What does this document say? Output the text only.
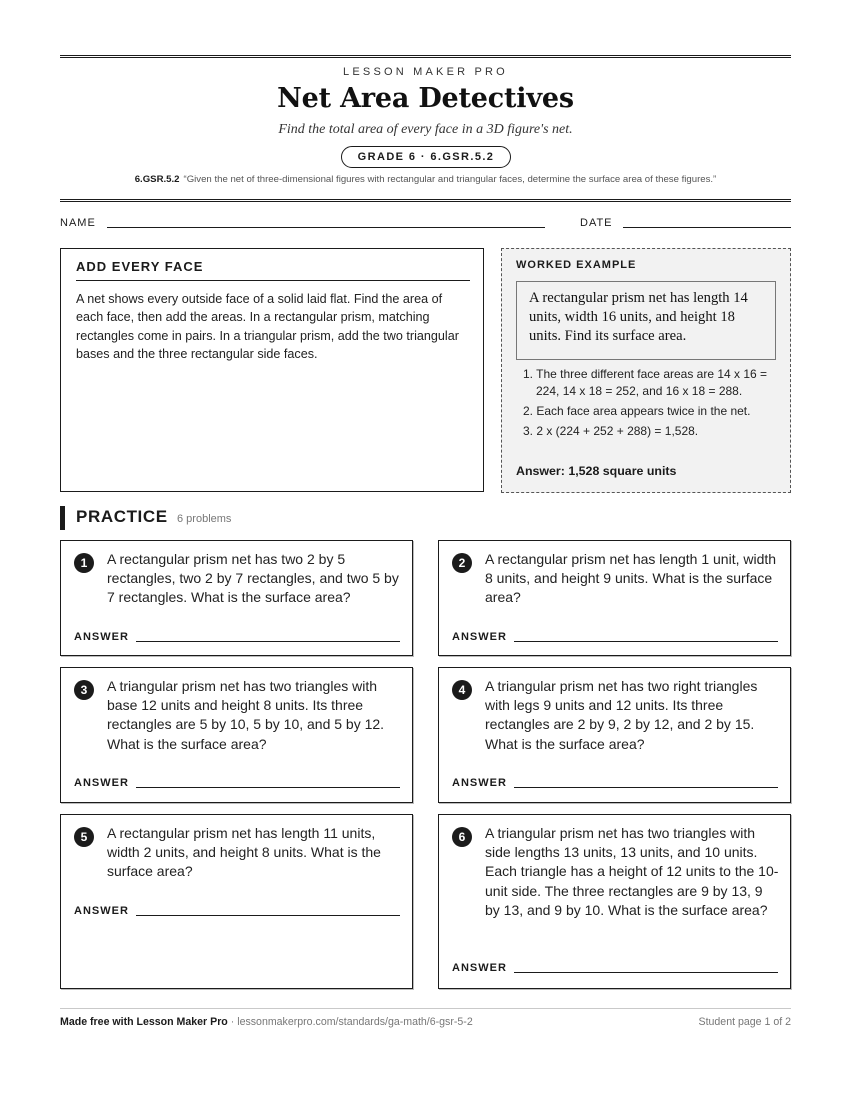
LESSON MAKER PRO
Net Area Detectives
Find the total area of every face in a 3D figure's net.
GRADE 6 · 6.GSR.5.2
6.GSR.5.2 “Given the net of three-dimensional figures with rectangular and triangular faces, determine the surface area of these figures.”
NAME	DATE
ADD EVERY FACE
A net shows every outside face of a solid laid flat. Find the area of each face, then add the areas. In a rectangular prism, matching rectangles come in pairs. In a triangular prism, add the two triangular bases and the three rectangular side faces.
WORKED EXAMPLE
A rectangular prism net has length 14 units, width 16 units, and height 18 units. Find its surface area.
1. The three different face areas are 14 x 16 = 224, 14 x 18 = 252, and 16 x 18 = 288.
2. Each face area appears twice in the net.
3. 2 x (224 + 252 + 288) = 1,528.
Answer: 1,528 square units
PRACTICE 6 problems
1	A rectangular prism net has two 2 by 5 rectangles, two 2 by 7 rectangles, and two 5 by 7 rectangles. What is the surface area?
ANSWER
2	A rectangular prism net has length 1 unit, width 8 units, and height 9 units. What is the surface area?
ANSWER
3	A triangular prism net has two triangles with base 12 units and height 8 units. Its three rectangles are 5 by 10, 5 by 10, and 5 by 12. What is the surface area?
ANSWER
4	A triangular prism net has two right triangles with legs 9 units and 12 units. Its three rectangles are 2 by 9, 2 by 12, and 2 by 15. What is the surface area?
ANSWER
5	A rectangular prism net has length 11 units, width 2 units, and height 8 units. What is the surface area?
ANSWER
6	A triangular prism net has two triangles with side lengths 13 units, 13 units, and 10 units. Each triangle has a height of 12 units to the 10-unit side. The three rectangles are 9 by 13, 9 by 13, and 9 by 10. What is the surface area?
ANSWER
Made free with Lesson Maker Pro · lessonmakerpro.com/standards/ga-math/6-gsr-5-2	Student page 1 of 2
